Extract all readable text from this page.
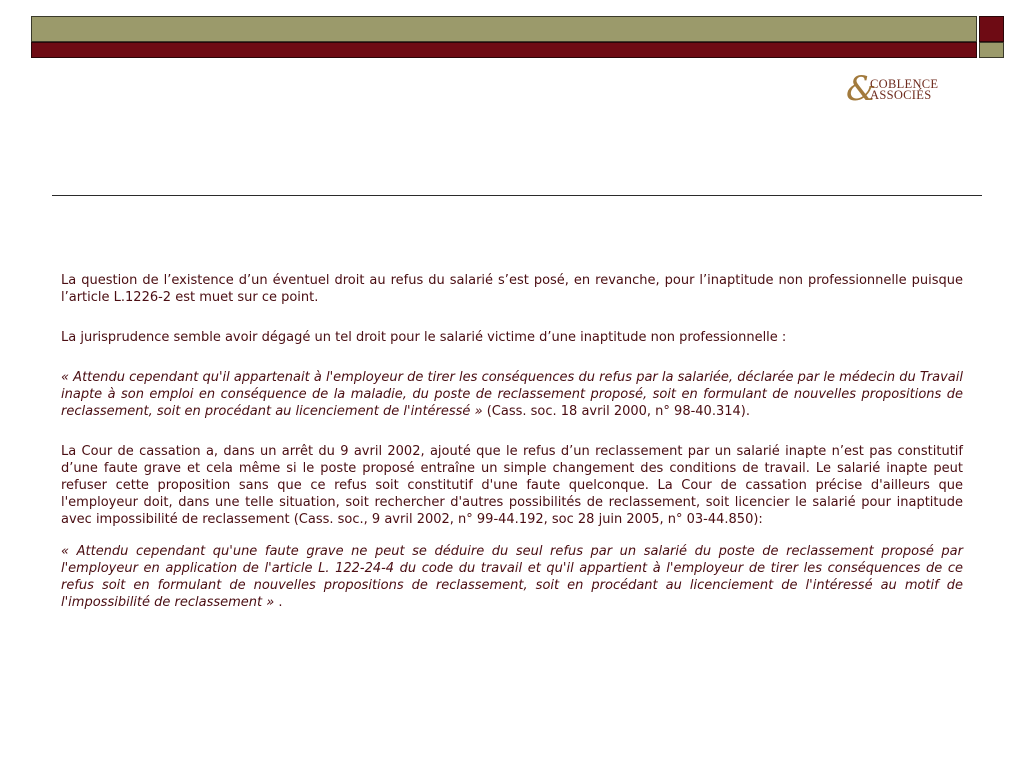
&
COBLENCE
ASSOCIÉS

La question de l’existence d’un éventuel droit au refus du salarié s’est posé, en revanche, pour l’inaptitude non professionnelle puisque l’article L.1226-2 est muet sur ce point.

La jurisprudence semble avoir dégagé un tel droit pour le salarié victime d’une inaptitude non professionnelle :

« Attendu cependant qu'il appartenait à l'employeur de tirer les conséquences du refus par la salariée, déclarée par le médecin du Travail inapte à son emploi en conséquence de la maladie, du poste de reclassement proposé, soit en formulant de nouvelles propositions de reclassement, soit en procédant au licenciement de l'intéressé » (Cass. soc. 18 avril 2000, n° 98-40.314).

La Cour de cassation a, dans un arrêt du 9 avril 2002, ajouté que le refus d’un reclassement par un salarié inapte n’est pas constitutif d’une faute grave et cela même si le poste proposé entraîne un simple changement des conditions de travail. Le salarié inapte peut refuser cette proposition sans que ce refus soit constitutif d'une faute quelconque. La Cour de cassation précise d'ailleurs que l'employeur doit, dans une telle situation, soit rechercher d'autres possibilités de reclassement, soit licencier le salarié pour inaptitude avec impossibilité de reclassement (Cass. soc., 9 avril 2002, n° 99-44.192, soc 28 juin 2005, n° 03-44.850):

« Attendu cependant qu'une faute grave ne peut se déduire du seul refus par un salarié du poste de reclassement proposé par l'employeur en application de l'article L. 122-24-4 du code du travail et qu'il appartient à l'employeur de tirer les conséquences de ce refus soit en formulant de nouvelles propositions de reclassement, soit en procédant au licenciement de l'intéressé au motif de l'impossibilité de reclassement » .
